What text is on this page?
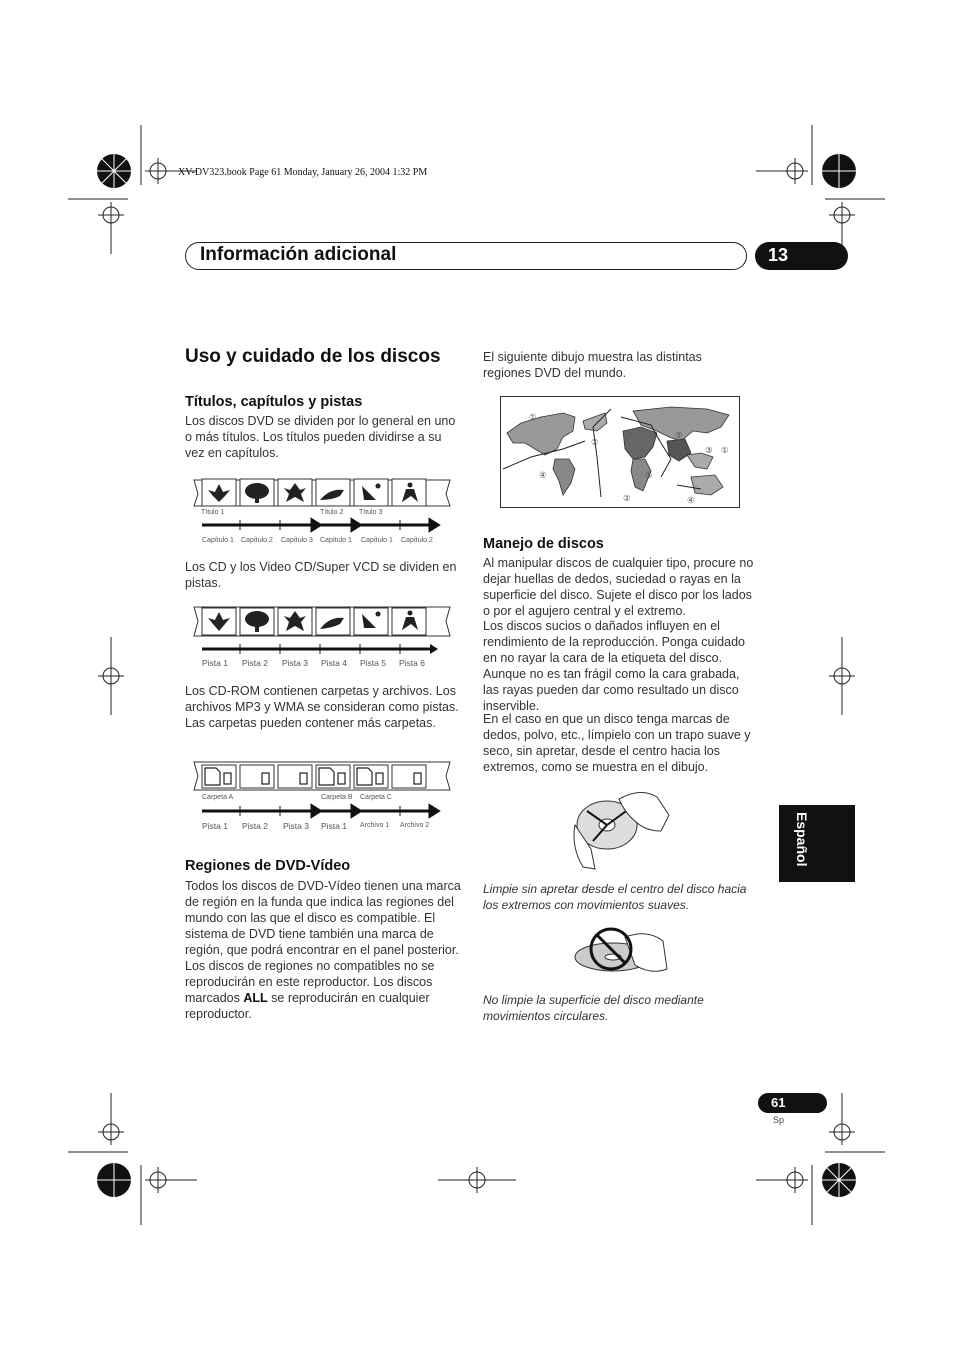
XV-DV323.book Page 61 Monday, January 26, 2004 1:32 PM
Información adicional	13
Uso y cuidado de los discos

Títulos, capítulos y pistas

Los discos DVD se dividen por lo general en uno o más títulos. Los títulos pueden dividirse a su vez en capítulos.

Título 1	Título 2 Título 3
Capítulo 1 Capítulo 2 Capítulo 3 Capítulo 1 Capítulo 1 Capítulo 2

Los CD y los Video CD/Super VCD se dividen en pistas.

Pista 1 Pista 2 Pista 3 Pista 4 Pista 5 Pista 6

Los CD-ROM contienen carpetas y archivos. Los archivos MP3 y WMA se consideran como pistas. Las carpetas pueden contener más carpetas.

Carpeta A	Carpeta B Carpeta C
Pista 1 Pista 2 Pista 3 Pista 1 Archivo 1 Archivo 2

Regiones de DVD-Vídeo

Todos los discos de DVD-Vídeo tienen una marca de región en la funda que indica las regiones del mundo con las que el disco es compatible. El sistema de DVD tiene también una marca de región, que podrá encontrar en el panel posterior. Los discos de regiones no compatibles no se reproducirán en este reproductor. Los discos marcados ALL se reproducirán en cualquier reproductor.

El siguiente dibujo muestra las distintas regiones DVD del mundo.

①
②
⑤
⑥
①
④	⑤
②	④
③

Manejo de discos

Al manipular discos de cualquier tipo, procure no dejar huellas de dedos, suciedad o rayas en la superficie del disco. Sujete el disco por los lados o por el agujero central y el extremo.

Los discos sucios o dañados influyen en el rendimiento de la reproducción. Ponga cuidado en no rayar la cara de la etiqueta del disco. Aunque no es tan frágil como la cara grabada, las rayas pueden dar como resultado un disco inservible.

En el caso en que un disco tenga marcas de dedos, polvo, etc., límpielo con un trapo suave y seco, sin apretar, desde el centro hacia los extremos, como se muestra en el dibujo.

Limpie sin apretar desde el centro del disco hacia los extremos con movimientos suaves.

No limpie la superficie del disco mediante movimientos circulares.

Español
61
Sp
